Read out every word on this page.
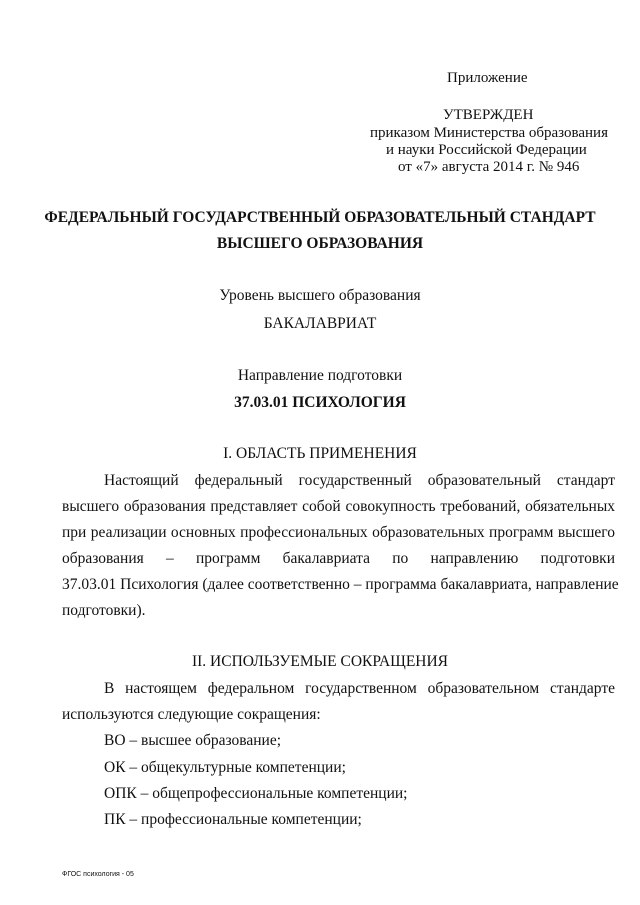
Приложение
УТВЕРЖДЕН
приказом Министерства образования
и науки Российской Федерации
от «7» августа 2014 г. № 946
ФЕДЕРАЛЬНЫЙ ГОСУДАРСТВЕННЫЙ ОБРАЗОВАТЕЛЬНЫЙ СТАНДАРТ
ВЫСШЕГО ОБРАЗОВАНИЯ
Уровень высшего образования
БАКАЛАВРИАТ
Направление подготовки
37.03.01 ПСИХОЛОГИЯ
I. ОБЛАСТЬ ПРИМЕНЕНИЯ
Настоящий федеральный государственный образовательный стандарт
высшего образования представляет собой совокупность требований, обязательных
при реализации основных профессиональных образовательных программ высшего
образования – программ бакалавриата по направлению подготовки
37.03.01 Психология (далее соответственно – программа бакалавриата, направление
подготовки).
II. ИСПОЛЬЗУЕМЫЕ СОКРАЩЕНИЯ
В настоящем федеральном государственном образовательном стандарте
используются следующие сокращения:
ВО – высшее образование;
ОК – общекультурные компетенции;
ОПК – общепрофессиональные компетенции;
ПК – профессиональные компетенции;
ФГОС психология - 05
